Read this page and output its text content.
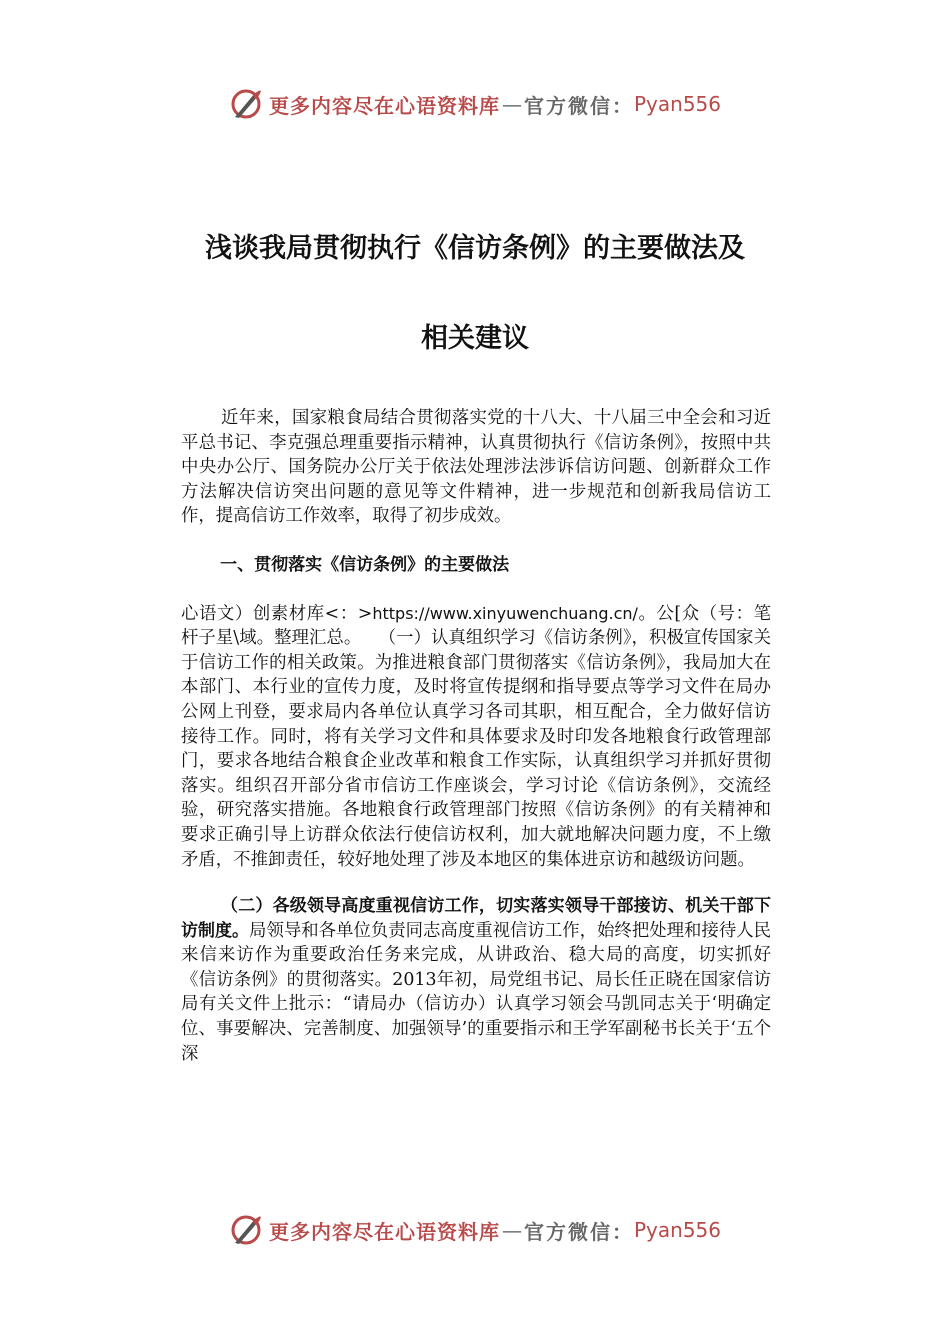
更多内容尽在心语资料库 — 官方微信： Pyan556
浅谈我局贯彻执行《信访条例》的主要做法及
相关建议

近年来，国家粮食局结合贯彻落实党的十八大、十八届三中全会和习近平总书记、李克强总理重要指示精神，认真贯彻执行《信访条例》，按照中共中央办公厅、国务院办公厅关于依法处理涉法涉诉信访问题、创新群众工作方法解决信访突出问题的意见等文件精神，进一步规范和创新我局信访工作，提高信访工作效率，取得了初步成效。

一、贯彻落实《信访条例》的主要做法

心语文）创素材库<：>https://www.xinyuwenchuang.cn/。公[众（号：笔杆子星\域。整理汇总。　　（一）认真组织学习《信访条例》，积极宣传国家关于信访工作的相关政策。为推进粮食部门贯彻落实《信访条例》，我局加大在本部门、本行业的宣传力度，及时将宣传提纲和指导要点等学习文件在局办公网上刊登，要求局内各单位认真学习各司其职，相互配合，全力做好信访接待工作。同时，将有关学习文件和具体要求及时印发各地粮食行政管理部门，要求各地结合粮食企业改革和粮食工作实际，认真组织学习并抓好贯彻落实。组织召开部分省市信访工作座谈会，学习讨论《信访条例》，交流经验，研究落实措施。各地粮食行政管理部门按照《信访条例》的有关精神和要求正确引导上访群众依法行使信访权利，加大就地解决问题力度，不上缴矛盾，不推卸责任，较好地处理了涉及本地区的集体进京访和越级访问题。

（二）各级领导高度重视信访工作，切实落实领导干部接访、机关干部下访制度。局领导和各单位负责同志高度重视信访工作，始终把处理和接待人民来信来访作为重要政治任务来完成，从讲政治、稳大局的高度，切实抓好《信访条例》的贯彻落实。2013年初，局党组书记、局长任正晓在国家信访局有关文件上批示：“请局办（信访办）认真学习领会马凯同志关于‘明确定位、事要解决、完善制度、加强领导’的重要指示和王学军副秘书长关于‘五个深

更多内容尽在心语资料库 — 官方微信： Pyan556
